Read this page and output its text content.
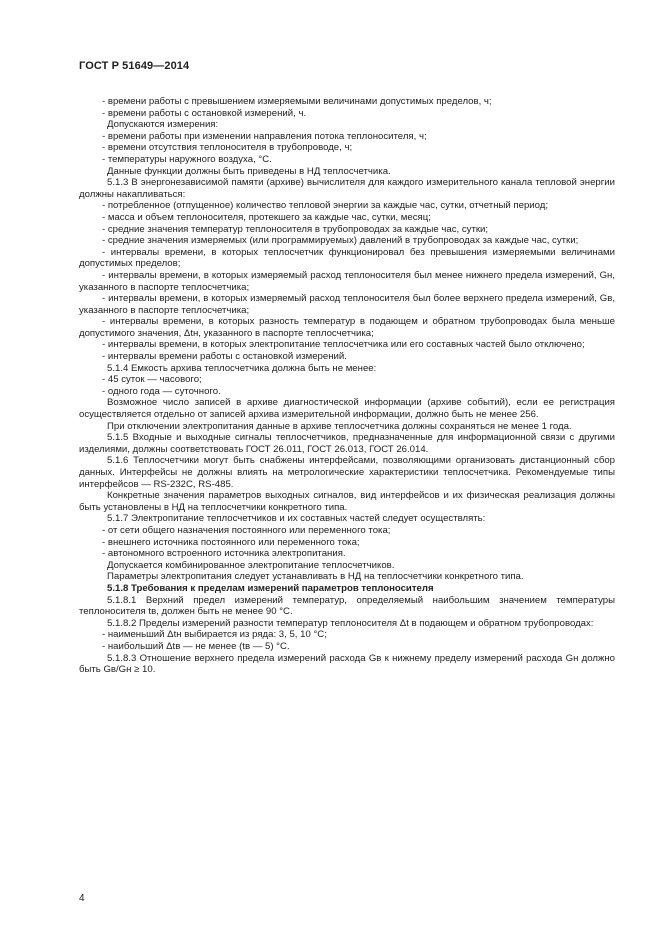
ГОСТ Р 51649—2014

- времени работы с превышением измеряемыми величинами допустимых пределов, ч;

- времени работы с остановкой измерений, ч.

Допускаются измерения:

- времени работы при изменении направления потока теплоносителя, ч;

- времени отсутствия теплоносителя в трубопроводе, ч;

- температуры наружного воздуха, °С.

Данные функции должны быть приведены в НД теплосчетчика.

5.1.3 В энергонезависимой памяти (архиве) вычислителя для каждого измерительного канала тепловой энергии должны накапливаться:

- потребленное (отпущенное) количество тепловой энергии за каждые час, сутки, отчетный период;

- масса и объем теплоносителя, протекшего за каждые час, сутки, месяц;

- средние значения температур теплоносителя в трубопроводах за каждые час, сутки;

- средние значения измеряемых (или программируемых) давлений в трубопроводах за каждые час, сутки;

- интервалы времени, в которых теплосчетчик функционировал без превышения измеряемыми величинами допустимых пределов;

- интервалы времени, в которых измеряемый расход теплоносителя был менее нижнего предела измерений, Gн, указанного в паспорте теплосчетчика;

- интервалы времени, в которых измеряемый расход теплоносителя был более верхнего предела измерений, Gв, указанного в паспорте теплосчетчика;

- интервалы времени, в которых разность температур в подающем и обратном трубопроводах была меньше допустимого значения, Δtн, указанного в паспорте теплосчетчика;

- интервалы времени, в которых электропитание теплосчетчика или его составных частей было отключено;

- интервалы времени работы с остановкой измерений.

5.1.4 Емкость архива теплосчетчика должна быть не менее:

- 45 суток — часового;

- одного года — суточного.

Возможное число записей в архиве диагностической информации (архиве событий), если ее регистрация осуществляется отдельно от записей архива измерительной информации, должно быть не менее 256.

При отключении электропитания данные в архиве теплосчетчика должны сохраняться не менее 1 года.

5.1.5 Входные и выходные сигналы теплосчетчиков, предназначенные для информационной связи с другими изделиями, должны соответствовать ГОСТ 26.011, ГОСТ 26.013, ГОСТ 26.014.

5.1.6 Теплосчетчики могут быть снабжены интерфейсами, позволяющими организовать дистанционный сбор данных. Интерфейсы не должны влиять на метрологические характеристики теплосчетчика. Рекомендуемые типы интерфейсов — RS-232С, RS-485.

Конкретные значения параметров выходных сигналов, вид интерфейсов и их физическая реализация должны быть установлены в НД на теплосчетчики конкретного типа.

5.1.7 Электропитание теплосчетчиков и их составных частей следует осуществлять:

- от сети общего назначения постоянного или переменного тока;

- внешнего источника постоянного или переменного тока;

- автономного встроенного источника электропитания.

Допускается комбинированное электропитание теплосчетчиков.

Параметры электропитания следует устанавливать в НД на теплосчетчики конкретного типа.

5.1.8 Требования к пределам измерений параметров теплоносителя

5.1.8.1 Верхний предел измерений температур, определяемый наибольшим значением температуры теплоносителя tв, должен быть не менее 90 °С.

5.1.8.2 Пределы измерений разности температур теплоносителя Δt в подающем и обратном трубопроводах:

- наименьший Δtн выбирается из ряда: 3, 5, 10 °С;

- наибольший Δtв — не менее (tв — 5) °С.

5.1.8.3 Отношение верхнего предела измерений расхода Gв к нижнему пределу измерений расхода Gн должно быть Gв/Gн ≥ 10.

4
